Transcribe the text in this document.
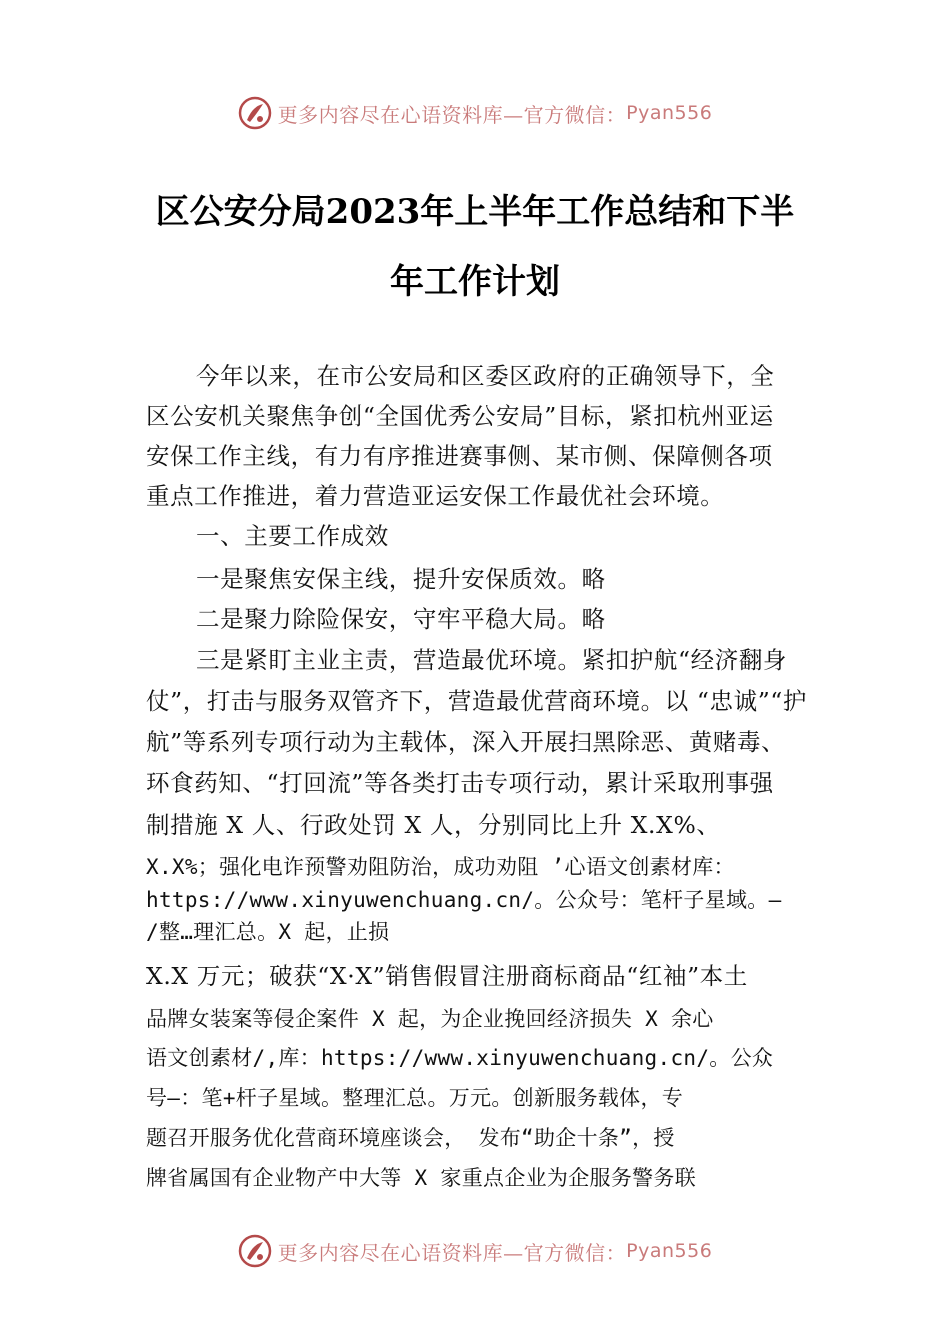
更多内容尽在心语资料库—官方微信： Pyan556
区公安分局2023年上半年工作总结和下半
年工作计划
今年以来，在市公安局和区委区政府的正确领导下，全
区公安机关聚焦争创“全国优秀公安局”目标，紧扣杭州亚运
安保工作主线，有力有序推进赛事侧、某市侧、保障侧各项
重点工作推进，着力营造亚运安保工作最优社会环境。
一、主要工作成效
一是聚焦安保主线，提升安保质效。略
二是聚力除险保安，守牢平稳大局。略
三是紧盯主业主责，营造最优环境。紧扣护航“经济翻身
仗”，打击与服务双管齐下，营造最优营商环境。以 “忠诚”“护
航”等系列专项行动为主载体，深入开展扫黑除恶、黄赌毒、
环食药知、“打回流”等各类打击专项行动，累计采取刑事强
制措施 X 人、行政处罚 X 人，分别同比上升 X.X%、
X.X%；强化电诈预警劝阻防治，成功劝阻 ’心语文创素材库：
https://www.xinyuwenchuang.cn/。公众号：笔杆子星域。—
/整…理汇总。X 起，止损
X.X 万元；破获“X·X”销售假冒注册商标商品“红袖”本土
品牌女装案等侵企案件 X 起，为企业挽回经济损失 X 余心
语文创素材/,库：https://www.xinyuwenchuang.cn/。公众
号—：笔+杆子星域。整理汇总。万元。创新服务载体，专
题召开服务优化营商环境座谈会， 发布“助企十条”，授
牌省属国有企业物产中大等 X 家重点企业为企服务警务联
更多内容尽在心语资料库—官方微信： Pyan556
